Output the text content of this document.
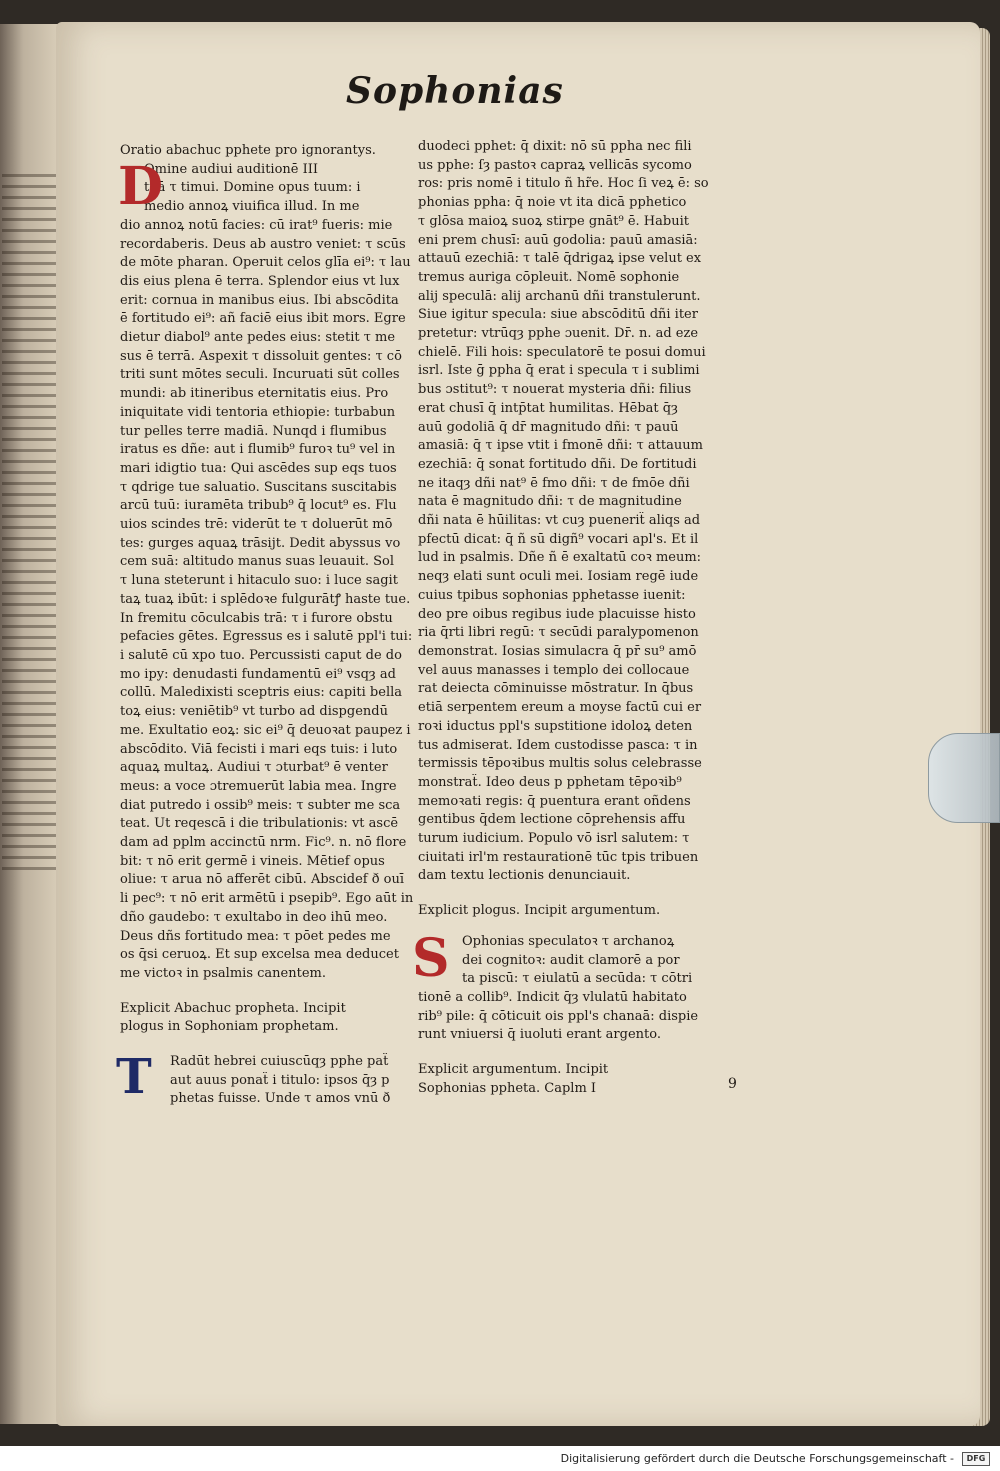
Sophonias
Oratio abachuc pphete pro ignorantys.
D
Omine audiui auditionē III
tuā τ timui. Domine opus tuum: i
medio annoꝝ viuifica illud. In me
dio annoꝝ notū facies: cū irat⁹ fueris: mie
recordaberis. Deus ab austro veniet: τ scūs
de mōte pharan. Operuit celos glīa ei⁹: τ lau
dis eius plena ē terra. Splendor eius vt lux
erit: cornua in manibus eius. Ibi abscōdita
ē fortitudo ei⁹: añ faciē eius ibit mors. Egre
dietur diabol⁹ ante pedes eius: stetit τ me
sus ē terrā. Aspexit τ dissoluit gentes: τ cō
triti sunt mōtes seculi. Incuruati sūt colles
mundi: ab itineribus eternitatis eius. Pro
iniquitate vidi tentoria ethiopie: turbabun
tur pelles terre madiā. Nunqd i flumibus
iratus es dñe: aut i flumib⁹ furoꝛ tu⁹ vel in
mari idigtio tua: Qui ascēdes sup eqs tuos
τ qdrige tue saluatio. Suscitans suscitabis
arcū tuū: iuramēta tribub⁹ q̄ locut⁹ es. Flu
uios scindes trē: viderūt te τ doluerūt mō
tes: gurges aquaꝝ trāsijt. Dedit abyssus vo
cem suā: altitudo manus suas leuauit. Sol
τ luna steterunt i hitaculo suo: i luce sagit
taꝝ tuaꝝ ibūt: i splēdoꝛe fulgurātꝭ haste tue.
In fremitu cōculcabis trā: τ i furore obstu
pefacies gētes. Egressus es i salutē ppl'i tui:
i salutē cū xpo tuo. Percussisti caput de do
mo ipy: denudasti fundamentū ei⁹ vsqȝ ad
collū. Maledixisti sceptris eius: capiti bella
toꝝ eius: veniētib⁹ vt turbo ad dispgendū
me. Exultatio eoꝝ: sic ei⁹ q̄ deuoꝛat paupez i
abscōdito. Viā fecisti i mari eqs tuis: i luto
aquaꝝ multaꝝ. Audiui τ ɔturbat⁹ ē venter
meus: a voce ɔtremuerūt labia mea. Ingre
diat putredo i ossib⁹ meis: τ subter me sca
teat. Ut reqescā i die tribulationis: vt ascē
dam ad pplm accinctū nrm. Fic⁹. n. nō flore
bit: τ nō erit germē i vineis. Mētief opus
oliue: τ arua nō afferēt cibū. Abscidef ð ouī
li pec⁹: τ nō erit armētū i psepib⁹. Ego aūt in
dño gaudebo: τ exultabo in deo ihū meo.
Deus dñs fortitudo mea: τ pōet pedes me
os q̄si ceruoꝝ. Et sup excelsa mea deducet
me victoꝛ in psalmis canentem.
Explicit Abachuc propheta. Incipit
plogus in Sophoniam prophetam.
T	Radūt hebrei cuiuscūqȝ pphe paẗ
aut auus ponaẗ i titulo: ipsos q̄ȝ p
phetas fuisse. Unde τ amos vnū ð
duodeci pphet: q̄ dixit: nō sū ppha nec fili
us pphe: ſȝ pastoꝛ capraꝝ vellicās sycomo
ros: pris nomē i titulo ñ hr̃e. Hoc ſi veꝝ ē: so
phonias ppha: q̄ noie vt ita dicā pphetico
τ glōsa maioꝝ suoꝝ stirpe gnāt⁹ ē. Habuit
eni prem chusī: auū godolia: pauū amasiā:
attauū ezechiā: τ talē q̄drigaꝝ ipse velut ex
tremus auriga cōpleuit. Nomē sophonie
alij speculā: alij archanū dñi transtulerunt.
Siue igitur specula: siue abscōditū dñi iter
pretetur: vtrūqȝ pphe ɔuenit. Dr̄. n. ad eze
chielē. Fili hois: speculatorē te posui domui
isrl. Iste ḡ ppha q̄ erat i specula τ i sublimi
bus ɔstitut⁹: τ nouerat mysteria dñi: filius
erat chusī q̄ intp̄tat humilitas. Hēbat q̄ȝ
auū godoliā q̄ dr̄ magnitudo dñi: τ pauū
amasiā: q̄ τ ipse vtit i fmonē dñi: τ attauum
ezechiā: q̄ sonat fortitudo dñi. De fortitudi
ne itaqȝ dñi nat⁹ ē fmo dñi: τ de fmōe dñi
nata ē magnitudo dñi: τ de magnitudine
dñi nata ē hūilitas: vt cuȝ pueneriẗ aliqs ad
pfectū dicat: q̄ ñ sū digñ⁹ vocari apl's. Et il
lud in psalmis. Dñe ñ ē exaltatū coꝛ meum:
neqȝ elati sunt oculi mei. Iosiam regē iude
cuius tpibus sophonias pphetasse iuenit:
deo pre oibus regibus iude placuisse histo
ria q̄rti libri regū: τ secūdi paralypomenon
demonstrat. Iosias simulacra q̄ pr̄ su⁹ amō
vel auus manasses i templo dei collocaue
rat deiecta cōminuisse mōstratur. In q̄bus
etiā serpentem ereum a moyse factū cui er
roꝛi iductus ppl's supstitione idoloꝝ deten
tus admiserat. Idem custodisse pasca: τ in
termissis tēpoꝛibus multis solus celebrasse
monstraẗ. Ideo deus p pphetam tēpoꝛib⁹
memoꝛati regis: q̄ puentura erant oñdens
gentibus q̄dem lectione cōprehensis affu
turum iudicium. Populo vō isrl salutem: τ
ciuitati irl'm restaurationē tūc tpis tribuen
dam textu lectionis denunciauit.
Explicit plogus. Incipit argumentum.
S Ophonias speculatoꝛ τ archanoꝝ
dei cognitoꝛ: audit clamorē a por
ta piscū: τ eiulatū a secūda: τ cōtri
tionē a collib⁹. Indicit q̄ȝ vlulatū habitato
rib⁹ pile: q̄ cōticuit ois ppl's chanaā: dispie
runt vniuersi q̄ iuoluti erant argento.
Explicit argumentum. Incipit
Sophonias ppheta. Caplm I	9
Digitalisierung gefördert durch die Deutsche Forschungsgemeinschaft -	DFG
